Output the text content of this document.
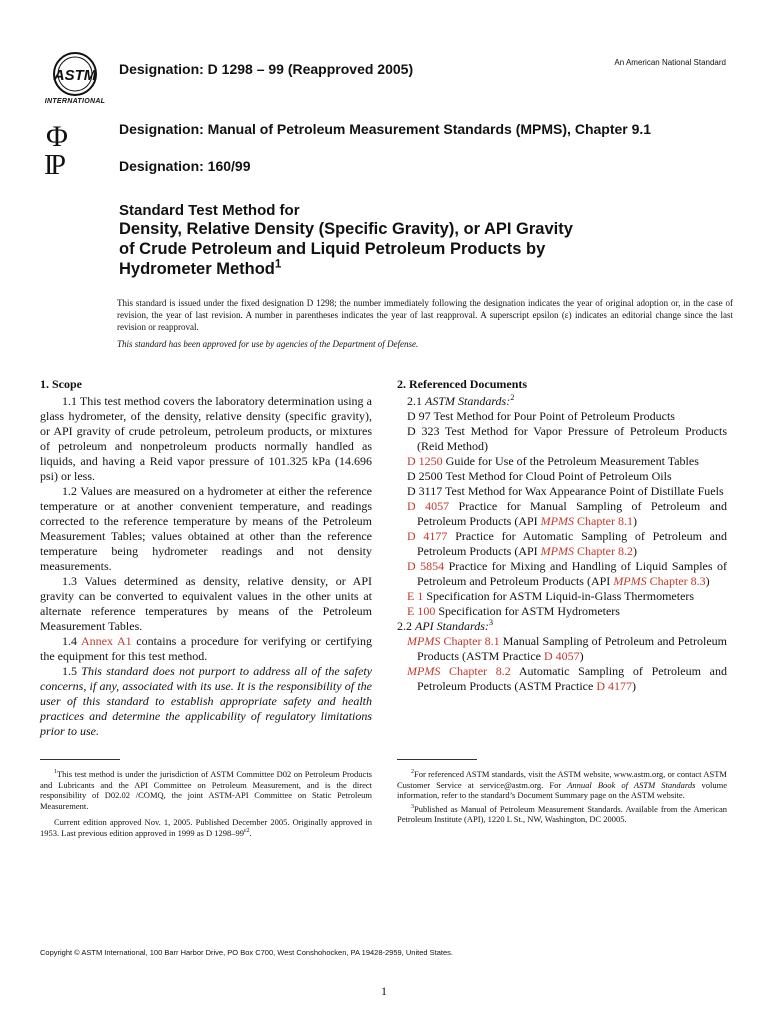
ASTM
INTERNATIONAL
Φ
IP
Designation: D 1298 – 99 (Reapproved 2005)	An American National Standard
Designation: Manual of Petroleum Measurement Standards (MPMS), Chapter 9.1
Designation: 160/99
Standard Test Method for
Density, Relative Density (Specific Gravity), or API Gravity
of Crude Petroleum and Liquid Petroleum Products by
Hydrometer Method$^1$
This standard is issued under the fixed designation D 1298; the number immediately following the designation indicates the year of original adoption or, in the case of revision, the year of last revision. A number in parentheses indicates the year of last reapproval. A superscript epsilon (ε) indicates an editorial change since the last revision or reapproval.
This standard has been approved for use by agencies of the Department of Defense.
1. Scope

1.1 This test method covers the laboratory determination using a glass hydrometer, of the density, relative density (specific gravity), or API gravity of crude petroleum, petroleum products, or mixtures of petroleum and nonpetroleum products normally handled as liquids, and having a Reid vapor pressure of 101.325 kPa (14.696 psi) or less.

1.2 Values are measured on a hydrometer at either the reference temperature or at another convenient temperature, and readings corrected to the reference temperature by means of the Petroleum Measurement Tables; values obtained at other than the reference temperature being hydrometer readings and not density measurements.

1.3 Values determined as density, relative density, or API gravity can be converted to equivalent values in the other units at alternate reference temperatures by means of the Petroleum Measurement Tables.

1.4 Annex A1 contains a procedure for verifying or certifying the equipment for this test method.

1.5 This standard does not purport to address all of the safety concerns, if any, associated with its use. It is the responsibility of the user of this standard to establish appropriate safety and health practices and determine the applicability of regulatory limitations prior to use.

2. Referenced Documents

2.1 ASTM Standards:$^2$

D 97 Test Method for Pour Point of Petroleum Products

D 323 Test Method for Vapor Pressure of Petroleum Products (Reid Method)

D 1250 Guide for Use of the Petroleum Measurement Tables

D 2500 Test Method for Cloud Point of Petroleum Oils

D 3117 Test Method for Wax Appearance Point of Distillate Fuels

D 4057 Practice for Manual Sampling of Petroleum and Petroleum Products (API MPMS Chapter 8.1)

D 4177 Practice for Automatic Sampling of Petroleum and Petroleum Products (API MPMS Chapter 8.2)

D 5854 Practice for Mixing and Handling of Liquid Samples of Petroleum and Petroleum Products (API MPMS Chapter 8.3)

E 1 Specification for ASTM Liquid-in-Glass Thermometers

E 100 Specification for ASTM Hydrometers

2.2 API Standards:$^3$

MPMS Chapter 8.1 Manual Sampling of Petroleum and Petroleum Products (ASTM Practice D 4057)

MPMS Chapter 8.2 Automatic Sampling of Petroleum and Petroleum Products (ASTM Practice D 4177)

$^1$This test method is under the jurisdiction of ASTM Committee D02 on Petroleum Products and Lubricants and the API Committee on Petroleum Measurement, and is the direct responsibility of D02.02 /COMQ, the joint ASTM-API Committee on Static Petroleum Measurement.

Current edition approved Nov. 1, 2005. Published December 2005. Originally approved in 1953. Last previous edition approved in 1999 as D $1298-99^{\varepsilon 2}$.

$^2$For referenced ASTM standards, visit the ASTM website, www.astm.org, or contact ASTM Customer Service at service@astm.org. For Annual Book of ASTM Standards volume information, refer to the standard’s Document Summary page on the ASTM website.

$^3$Published as Manual of Petroleum Measurement Standards. Available from the American Petroleum Institute (API), 1220 L St., NW, Washington, DC 20005.

Copyright © ASTM International, 100 Barr Harbor Drive, PO Box C700, West Conshohocken, PA 19428-2959, United States.
1
